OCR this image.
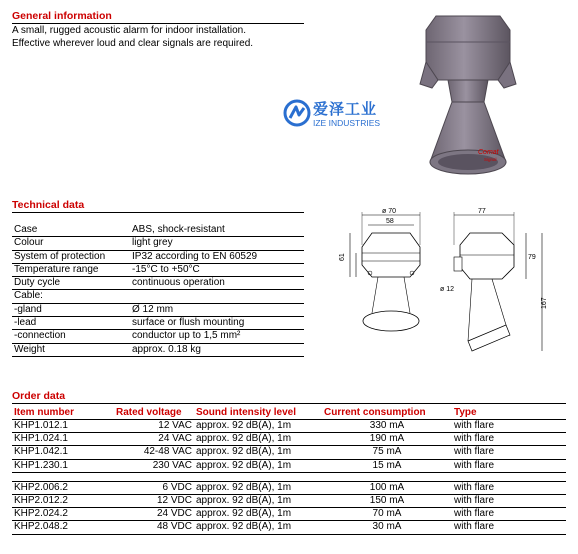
General information
A small, rugged acoustic alarm for indoor installation.
Effective wherever loud and clear signals are required.
Comat
Signal
爱泽工业
IZE INDUSTRIES
Technical data
Case	ABS, shock-resistant
Colour	light grey
System of protection	IP32 according to EN 60529
Temperature range	-15°C to +50°C
Duty cycle	continuous operation
Cable:	
-gland	Ø 12 mm
-lead	surface or flush mounting
-connection	conductor up to 1,5 mm²
Weight	approx. 0.18 kg
ø 70
58
61
77
79
ø 12
167
Order data
Item number	Rated voltage	Sound intensity level	Current consumption	Type
KHP1.012.1	12 VAC	approx. 92 dB(A), 1m	330 mA	with flare
KHP1.024.1	24 VAC	approx. 92 dB(A), 1m	190 mA	with flare
KHP1.042.1	42-48 VAC	approx. 92 dB(A), 1m	75 mA	with flare
KHP1.230.1	230 VAC	approx. 92 dB(A), 1m	15 mA	with flare

KHP2.006.2	6 VDC	approx. 92 dB(A), 1m	100 mA	with flare
KHP2.012.2	12 VDC	approx. 92 dB(A), 1m	150 mA	with flare
KHP2.024.2	24 VDC	approx. 92 dB(A), 1m	70 mA	with flare
KHP2.048.2	48 VDC	approx. 92 dB(A), 1m	30 mA	with flare
